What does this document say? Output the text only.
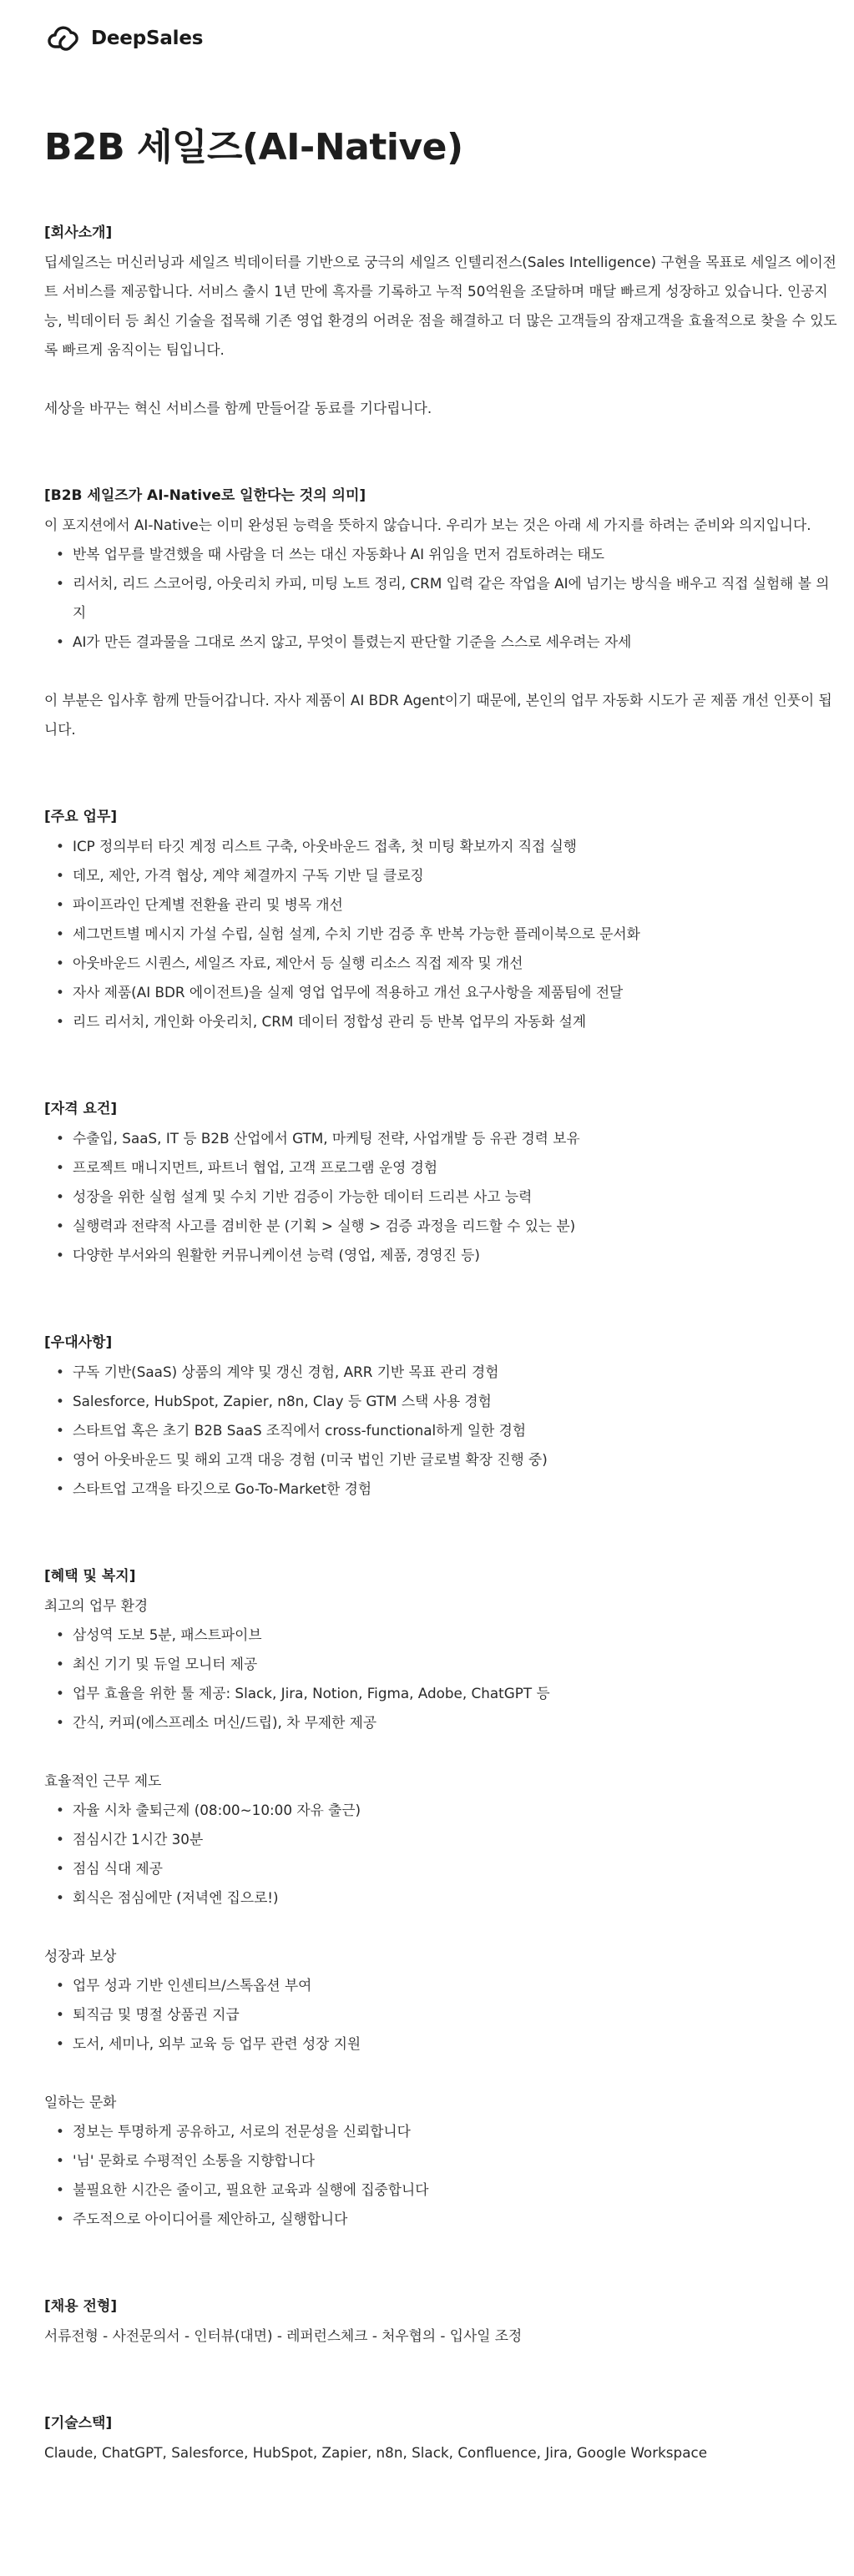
DeepSales
B2B 세일즈(AI-Native)

[회사소개]

딥세일즈는 머신러닝과 세일즈 빅데이터를 기반으로 궁극의 세일즈 인텔리전스(Sales Intelligence) 구현을 목표로 세일즈 에이전트 서비스를 제공합니다. 서비스 출시 1년 만에 흑자를 기록하고 누적 50억원을 조달하며 매달 빠르게 성장하고 있습니다. 인공지능, 빅데이터 등 최신 기술을 접목해 기존 영업 환경의 어려운 점을 해결하고 더 많은 고객들의 잠재고객을 효율적으로 찾을 수 있도록 빠르게 움직이는 팀입니다.

세상을 바꾸는 혁신 서비스를 함께 만들어갈 동료를 기다립니다.

[B2B 세일즈가 AI-Native로 일한다는 것의 의미]

이 포지션에서 AI-Native는 이미 완성된 능력을 뜻하지 않습니다. 우리가 보는 것은 아래 세 가지를 하려는 준비와 의지입니다.

• 반복 업무를 발견했을 때 사람을 더 쓰는 대신 자동화나 AI 위임을 먼저 검토하려는 태도
• 리서치, 리드 스코어링, 아웃리치 카피, 미팅 노트 정리, CRM 입력 같은 작업을 AI에 넘기는 방식을 배우고 직접 실험해 볼 의지
• AI가 만든 결과물을 그대로 쓰지 않고, 무엇이 틀렸는지 판단할 기준을 스스로 세우려는 자세

이 부분은 입사후 함께 만들어갑니다. 자사 제품이 AI BDR Agent이기 때문에, 본인의 업무 자동화 시도가 곧 제품 개선 인풋이 됩니다.

[주요 업무]

• ICP 정의부터 타깃 계정 리스트 구축, 아웃바운드 접촉, 첫 미팅 확보까지 직접 실행
• 데모, 제안, 가격 협상, 계약 체결까지 구독 기반 딜 클로징
• 파이프라인 단계별 전환율 관리 및 병목 개선
• 세그먼트별 메시지 가설 수립, 실험 설계, 수치 기반 검증 후 반복 가능한 플레이북으로 문서화
• 아웃바운드 시퀀스, 세일즈 자료, 제안서 등 실행 리소스 직접 제작 및 개선
• 자사 제품(AI BDR 에이전트)을 실제 영업 업무에 적용하고 개선 요구사항을 제품팀에 전달
• 리드 리서치, 개인화 아웃리치, CRM 데이터 정합성 관리 등 반복 업무의 자동화 설계

[자격 요건]

• 수출입, SaaS, IT 등 B2B 산업에서 GTM, 마케팅 전략, 사업개발 등 유관 경력 보유
• 프로젝트 매니지먼트, 파트너 협업, 고객 프로그램 운영 경험
• 성장을 위한 실험 설계 및 수치 기반 검증이 가능한 데이터 드리븐 사고 능력
• 실행력과 전략적 사고를 겸비한 분 (기획 > 실행 > 검증 과정을 리드할 수 있는 분)
• 다양한 부서와의 원활한 커뮤니케이션 능력 (영업, 제품, 경영진 등)

[우대사항]

• 구독 기반(SaaS) 상품의 계약 및 갱신 경험, ARR 기반 목표 관리 경험
• Salesforce, HubSpot, Zapier, n8n, Clay 등 GTM 스택 사용 경험
• 스타트업 혹은 초기 B2B SaaS 조직에서 cross-functional하게 일한 경험
• 영어 아웃바운드 및 해외 고객 대응 경험 (미국 법인 기반 글로벌 확장 진행 중)
• 스타트업 고객을 타깃으로 Go-To-Market한 경험

[혜택 및 복지]

최고의 업무 환경

• 삼성역 도보 5분, 패스트파이브
• 최신 기기 및 듀얼 모니터 제공
• 업무 효율을 위한 툴 제공: Slack, Jira, Notion, Figma, Adobe, ChatGPT 등
• 간식, 커피(에스프레소 머신/드립), 차 무제한 제공

효율적인 근무 제도

• 자율 시차 출퇴근제 (08:00~10:00 자유 출근)
• 점심시간 1시간 30분
• 점심 식대 제공
• 회식은 점심에만 (저녁엔 집으로!)

성장과 보상

• 업무 성과 기반 인센티브/스톡옵션 부여
• 퇴직금 및 명절 상품권 지급
• 도서, 세미나, 외부 교육 등 업무 관련 성장 지원

일하는 문화

• 정보는 투명하게 공유하고, 서로의 전문성을 신뢰합니다
• '님' 문화로 수평적인 소통을 지향합니다
• 불필요한 시간은 줄이고, 필요한 교육과 실행에 집중합니다
• 주도적으로 아이디어를 제안하고, 실행합니다

[채용 전형]

서류전형 - 사전문의서 - 인터뷰(대면) - 레퍼런스체크 - 처우협의 - 입사일 조정

[기술스택]

Claude, ChatGPT, Salesforce, HubSpot, Zapier, n8n, Slack, Confluence, Jira, Google Workspace
